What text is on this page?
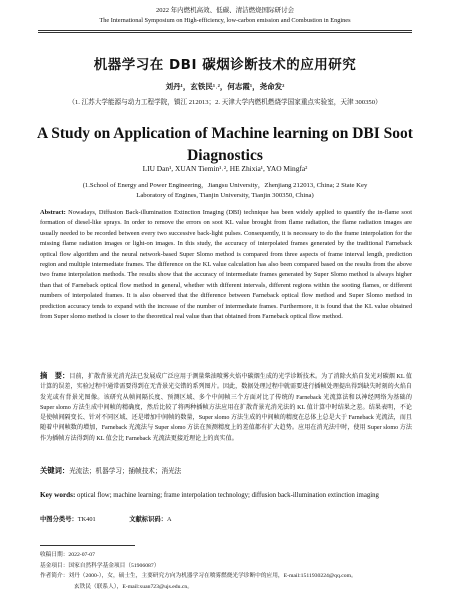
2022 年内燃机高效、低碳、清洁燃烧国际研讨会
The International Symposium on High-efficiency, low-carbon emission and Combustion in Engines
机器学习在 DBI 碳烟诊断技术的应用研究
刘丹¹，玄铁民¹˒²，何志霞¹，尧命发²
（1. 江苏大学能源与动力工程学院，镇江 212013；2. 天津大学内燃机燃烧学国家重点实验室，天津 300350）
A Study on Application of Machine learning on DBI Soot Diagnostics
LIU Dan¹, XUAN Tiemin¹˒², HE Zhixia¹, YAO Mingfa²
(1.School of Energy and Power Engineering，Jiangsu University，Zhenjiang 212013, China; 2 State Key Laboratory of Engines, Tianjin University, Tianjin 300350, China)
Abstract: Nowadays, Diffusion Back-illumination Extinction Imaging (DBI) technique has been widely applied to quantify the in-flame soot formation of diesel-like sprays. In order to remove the errors on soot KL value brought from flame radiation, the flame radiation images are usually needed to be recorded between every two successive back-light pulses. Consequently, it is necessary to do the frame interpolation for the missing flame radiation images or light-on images. In this study, the accuracy of interpolated frames generated by the traditional Farneback optical flow algorithm and the neural network-based Super Slomo method is compared from three aspects of frame interval length, prediction region and multiple intermediate frames. The difference on the KL value calculation has also been compared based on the results from the above two frame interpolation methods. The results show that the accuracy of intermediate frames generated by Super Slomo method is always higher than that of Farneback optical flow method in general, whether with different intervals, different regions within the sooting flames, or different numbers of interpolated frames. It is also observed that the difference between Farneback optical flow method and Super Slomo method in prediction accuracy tends to expand with the increase of the number of intermediate frames. Furthermore, it is found that the KL value obtained from Super slomo method is closer to the theoretical real value than that obtained from Farneback optical flow method.
摘　要：目前，扩散背景光消光法已发展成广泛应用于测量柴油喷雾火焰中碳烟生成的光学诊断技术。为了消除火焰自发光对碳烟 KL 值计算的误差，实验过程中通常需要得到在无背景光交错的系列图片。因此，数据处理过程中就需要进行插帧处理提出得到缺失时刻的火焰自发光或有背景光图像。该研究从帧间隔长度、预测区域、多个中间帧三个方面对比了传统的 Farneback 光流算法和以神经网络为基础的 Super slomo 方法生成中间帧的精确度，然后比较了将两种插帧方法应用在扩散背景光消光法的 KL 值计算中时结果之差。结果表明，不论是使帧间隔变长、针对不同区域、还是增加中间帧的数量，Super slomo 方法生成的中间帧的精度在总体上总是大于 Farneback 光流法，而且随着中间帧数的增加，Farneback 光流法与 Super slomo 方法在预测精度上的差值都有扩大趋势。应用在消光法中时，使用 Super slomo 方法作为插帧方法得到的 KL 值会比 Farneback 光流法更接近理论上的真实值。
关键词：光流法；机器学习；插帧技术；消光法
Key words: optical flow; machine learning; frame interpolation technology; diffusion back-illumination extinction imaging
中图分类号：TK401	文献标识码：A
收稿日期：2022-07-07
基金项目：国家自然科学基金项目（51906087）
作者简介：刘丹（2000-），女，硕士生，主要研究方向为机器学习在喷雾燃烧光学诊断中的应用，E-mail:1511930224@qq.com。
玄铁民（联系人），E-mail:xuan723@ujs.edu.cn。
